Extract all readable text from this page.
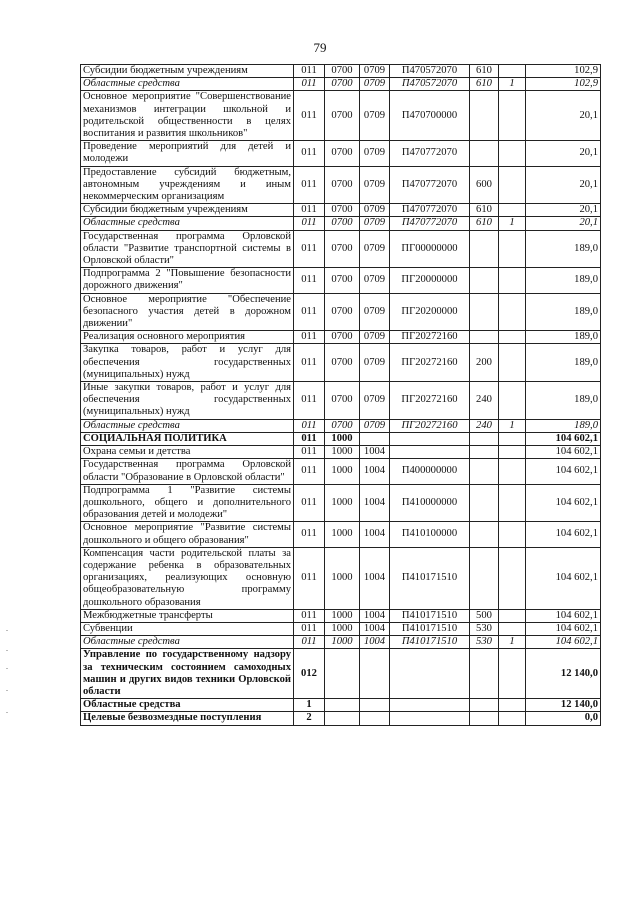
79
Субсидии бюджетным учреждениям	011	0700	0709	П470572070	610		102,9
Областные средства	011	0700	0709	П470572070	610	1	102,9
Основное мероприятие "Совершенствование механизмов интеграции школьной и родительской общественности в целях воспитания и развития школьников"	011	0700	0709	П470700000			20,1
Проведение мероприятий для детей и молодежи	011	0700	0709	П470772070			20,1
Предоставление субсидий бюджетным, автономным учреждениям и иным некоммерческим организациям	011	0700	0709	П470772070	600		20,1
Субсидии бюджетным учреждениям	011	0700	0709	П470772070	610		20,1
Областные средства	011	0700	0709	П470772070	610	1	20,1
Государственная программа Орловской области "Развитие транспортной системы в Орловской области"	011	0700	0709	ПГ00000000			189,0
Подпрограмма 2 "Повышение безопасности дорожного движения"	011	0700	0709	ПГ20000000			189,0
Основное мероприятие "Обеспечение безопасного участия детей в дорожном движении"	011	0700	0709	ПГ20200000			189,0
Реализация основного мероприятия	011	0700	0709	ПГ20272160			189,0
Закупка товаров, работ и услуг для обеспечения государственных (муниципальных) нужд	011	0700	0709	ПГ20272160	200		189,0
Иные закупки товаров, работ и услуг для обеспечения государственных (муниципальных) нужд	011	0700	0709	ПГ20272160	240		189,0
Областные средства	011	0700	0709	ПГ20272160	240	1	189,0
СОЦИАЛЬНАЯ ПОЛИТИКА	011	1000					104 602,1
Охрана семьи и детства	011	1000	1004				104 602,1
Государственная программа Орловской области "Образование в Орловской области"	011	1000	1004	П400000000			104 602,1
Подпрограмма 1 "Развитие системы дошкольного, общего и дополнительного образования детей и молодежи"	011	1000	1004	П410000000			104 602,1
Основное мероприятие "Развитие системы дошкольного и общего образования"	011	1000	1004	П410100000			104 602,1
Компенсация части родительской платы за содержание ребенка в образовательных организациях, реализующих основную общеобразовательную программу дошкольного образования	011	1000	1004	П410171510			104 602,1
Межбюджетные трансферты	011	1000	1004	П410171510	500		104 602,1
Субвенции	011	1000	1004	П410171510	530		104 602,1
Областные средства	011	1000	1004	П410171510	530	1	104 602,1
Управление по государственному надзору за техническим состоянием самоходных машин и других видов техники Орловской области	012						12 140,0
Областные средства	1						12 140,0
Целевые безвозмездные поступления	2						0,0
